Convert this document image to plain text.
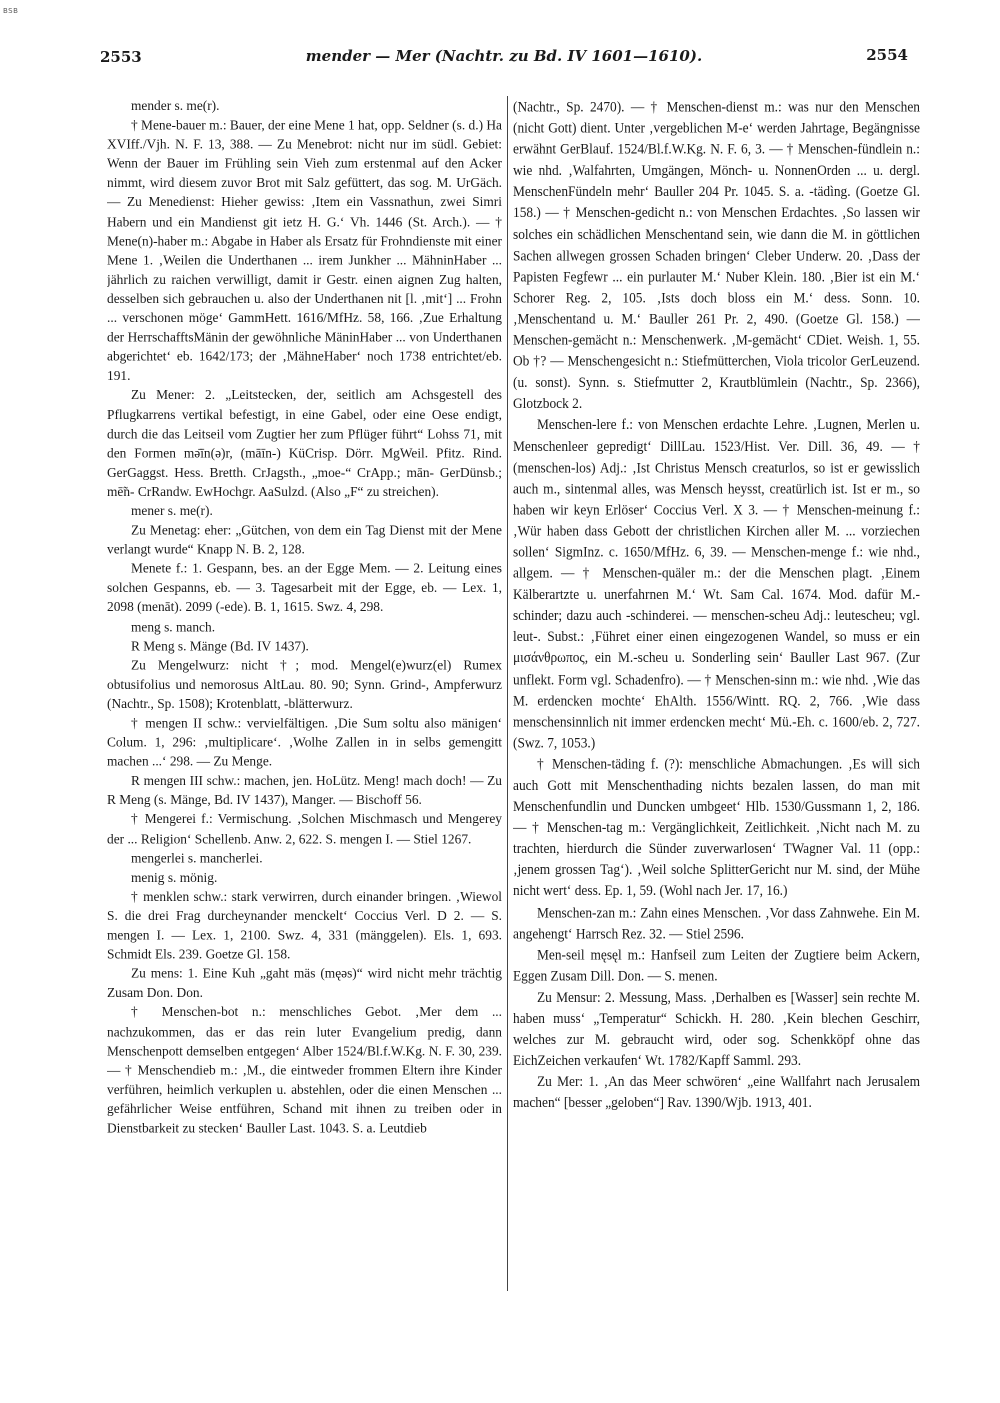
BSB
2553	mender — Mer (Nachtr. zu Bd. IV 1601—1610).	2554

mender s. me(r).

† Mene-bauer m.: Bauer, der eine Mene 1 hat, opp. Seldner (s. d.) Ha XVIff./Vjh. N. F. 13, 388. — Zu Menebrot: nicht nur im südl. Gebiet: Wenn der Bauer im Frühling sein Vieh zum erstenmal auf den Acker nimmt, wird diesem zuvor Brot mit Salz gefüttert, das sog. M. UrGäch. — Zu Menedienst: Hieher gewiss: ‚Item ein Vassnathun, zwei Simri Habern und ein Mandienst git ietz H. G.‘ Vh. 1446 (St. Arch.). — † Mene(n)-haber m.: Abgabe in Haber als Ersatz für Frohndienste mit einer Mene 1. ‚Weilen die Underthanen ... irem Junkher ... MähninHaber ... jährlich zu raichen verwilligt, damit ir Gestr. einen aignen Zug halten, desselben sich gebrauchen u. also der Underthanen nit [l. ‚mit‘] ... Frohn ... verschonen möge‘ GammHett. 1616/MfHz. 58, 166. ‚Zue Erhaltung der HerrschafftsMänin der gewöhnliche MäninHaber ... von Underthanen abgerichtet‘ eb. 1642/173; der ‚MähneHaber‘ noch 1738 entrichtet/eb. 191.

Zu Mener: 2. „Leitstecken, der, seitlich am Achsgestell des Pflugkarrens vertikal befestigt, in eine Gabel, oder eine Oese endigt, durch die das Leitseil vom Zugtier her zum Pflüger führt“ Lohss 71, mit den Formen mǝ̄īn(ǝ)r, (māīn-) KüCrisp. Dörr. MgWeil. Pfitz. Rind. GerGaggst. Hess. Bretth. CrJagsth., „moe-“ CrApp.; mān- GerDünsb.; mē̃n- CrRandw. EwHochgr. AaSulzd. (Also „F“ zu streichen).

mener s. me(r).

Zu Menetag: eher: „Gütchen, von dem ein Tag Dienst mit der Mene verlangt wurde“ Knapp N. B. 2, 128.

Menete f.: 1. Gespann, bes. an der Egge Mem. — 2. Leitung eines solchen Gespanns, eb. — 3. Tagesarbeit mit der Egge, eb. — Lex. 1, 2098 (menāt). 2099 (-ede). B. 1, 1615. Swz. 4, 298.

meng s. manch.

R Meng s. Mänge (Bd. IV 1437).

Zu Mengelwurz: nicht †; mod. Mengel(e)wurz(el) Rumex obtusifolius und nemorosus AltLau. 80. 90; Synn. Grind-, Ampferwurz (Nachtr., Sp. 1508); Krotenblatt, -blätterwurz.

† mengen II schw.: vervielfältigen. ‚Die Sum soltu also mänigen‘ Colum. 1, 296: ‚multiplicare‘. ‚Wolhe Zallen in in selbs gemengitt machen ...‘ 298. — Zu Menge.

R mengen III schw.: machen, jen. HoLütz. Meng! mach doch! — Zu R Meng (s. Mänge, Bd. IV 1437), Manger. — Bischoff 56.

† Mengerei f.: Vermischung. ‚Solchen Mischmasch und Mengerey der ... Religion‘ Schellenb. Anw. 2, 622. S. mengen I. — Stiel 1267.

mengerlei s. mancherlei.

menig s. mönig.

† menklen schw.: stark verwirren, durch einander bringen. ‚Wiewol S. die drei Frag durcheynander menckelt‘ Coccius Verl. D 2. — S. mengen I. — Lex. 1, 2100. Swz. 4, 331 (mänggelen). Els. 1, 693. Schmidt Els. 239. Goetze Gl. 158.

Zu mens: 1. Eine Kuh „gaht mäs (męǝs)“ wird nicht mehr trächtig Zusam Don. Don.

† Menschen-bot n.: menschliches Gebot. ‚Mer dem ... nachzukommen, das er das rein luter Evangelium predig, dann Menschenpott demselben entgegen‘ Alber 1524/Bl.f.W.Kg. N. F. 30, 239. — † Menschendieb m.: ‚M., die eintweder frommen Eltern ihre Kinder verführen, heimlich verkuplen u. abstehlen, oder die einen Menschen ... gefährlicher Weise entführen, Schand mit ihnen zu treiben oder in Dienstbarkeit zu stecken‘ Bauller Last. 1043. S. a. Leutdieb

(Nachtr., Sp. 2470). — † Menschen-dienst m.: was nur den Menschen (nicht Gott) dient. Unter ‚vergeblichen M-e‘ werden Jahrtage, Begängnisse erwähnt GerBlauf. 1524/Bl.f.W.Kg. N. F. 6, 3. — † Menschen-fündlein n.: wie nhd. ‚Walfahrten, Umgängen, Mönch- u. NonnenOrden ... u. dergl. MenschenFündeln mehr‘ Bauller 204 Pr. 1045. S. a. -tädìng. (Goetze Gl. 158.) — † Menschen-gedicht n.: von Menschen Erdachtes. ‚So lassen wir solches ein schädlichen Menschentand sein, wie dann die M. in göttlichen Sachen allwegen grossen Schaden bringen‘ Cleber Underw. 20. ‚Dass der Papisten Fegfewr ... ein purlauter M.‘ Nuber Klein. 180. ‚Bier ist ein M.‘ Schorer Reg. 2, 105. ‚Ists doch bloss ein M.‘ dess. Sonn. 10. ‚Menschentand u. M.‘ Bauller 261 Pr. 2, 490. (Goetze Gl. 158.) — Menschen-gemächt n.: Menschenwerk. ‚M-gemächt‘ CDiet. Weish. 1, 55. Ob †? — Menschengesicht n.: Stiefmütterchen, Viola tricolor GerLeuzend. (u. sonst). Synn. s. Stiefmutter 2, Krautblümlein (Nachtr., Sp. 2366), Glotzbock 2.

Menschen-lere f.: von Menschen erdachte Lehre. ‚Lugnen, Merlen u. Menschenleer gepredigt‘ DillLau. 1523/Hist. Ver. Dill. 36, 49. — † (menschen-los) Adj.: ‚Ist Christus Mensch creaturlos, so ist er gewisslich auch m., sintenmal alles, was Mensch heysst, creatürlich ist. Ist er m., so haben wir keyn Erlöser‘ Coccius Verl. X 3. — † Menschen-meinung f.: ‚Wür haben dass Gebott der christlichen Kirchen aller M. ... vorziechen sollen‘ SigmInz. c. 1650/MfHz. 6, 39. — Menschen-menge f.: wie nhd., allgem. — † Menschen-quäler m.: der die Menschen plagt. ‚Einem Kälberartzte u. unerfahrnen M.‘ Wt. Sam Cal. 1674. Mod. dafür M.-schinder; dazu auch -schinderei. — menschen-scheu Adj.: leutescheu; vgl. leut-. Subst.: ‚Führet einer einen eingezogenen Wandel, so muss er ein μισάνθρωπος, ein M.-scheu u. Sonderling sein‘ Bauller Last 967. (Zur unflekt. Form vgl. Schadenfro). — † Menschen-sinn m.: wie nhd. ‚Wie das M. erdencken mochte‘ EhAlth. 1556/Wintt. RQ. 2, 766. ‚Wie dass menschensinnlich nit immer erdencken mecht‘ Mü.-Eh. c. 1600/eb. 2, 727. (Swz. 7, 1053.)

† Menschen-täding f. (?): menschliche Abmachungen. ‚Es will sich auch Gott mit Menschenthading nichts bezalen lassen, do man mit Menschenfundlin und Duncken umbgeet‘ Hlb. 1530/Gussmann 1, 2, 186. — † Menschen-tag m.: Vergänglichkeit, Zeitlichkeit. ‚Nicht nach M. zu trachten, hierdurch die Sünder zuverwarlosen‘ TWagner Val. 11 (opp.: ‚jenem grossen Tag‘). ‚Weil solche SplitterGericht nur M. sind, der Mühe nicht wert‘ dess. Ep. 1, 59. (Wohl nach Jer. 17, 16.)

Menschen-zan m.: Zahn eines Menschen. ‚Vor dass Zahnwehe. Ein M. angehengt‘ Harrsch Rez. 32. — Stiel 2596.

Men-seil męsęl m.: Hanfseil zum Leiten der Zugtiere beim Ackern, Eggen Zusam Dill. Don. — S. menen.

Zu Mensur: 2. Messung, Mass. ‚Derhalben es [Wasser] sein rechte M. haben muss‘ „Temperatur“ Schickh. H. 280. ‚Kein blechen Geschirr, welches zur M. gebraucht wird, oder sog. Schenkköpf ohne das EichZeichen verkaufen‘ Wt. 1782/Kapff Samml. 293.

Zu Mer: 1. ‚An das Meer schwören‘ „eine Wallfahrt nach Jerusalem machen“ [besser „geloben“] Rav. 1390/Wjb. 1913, 401.
